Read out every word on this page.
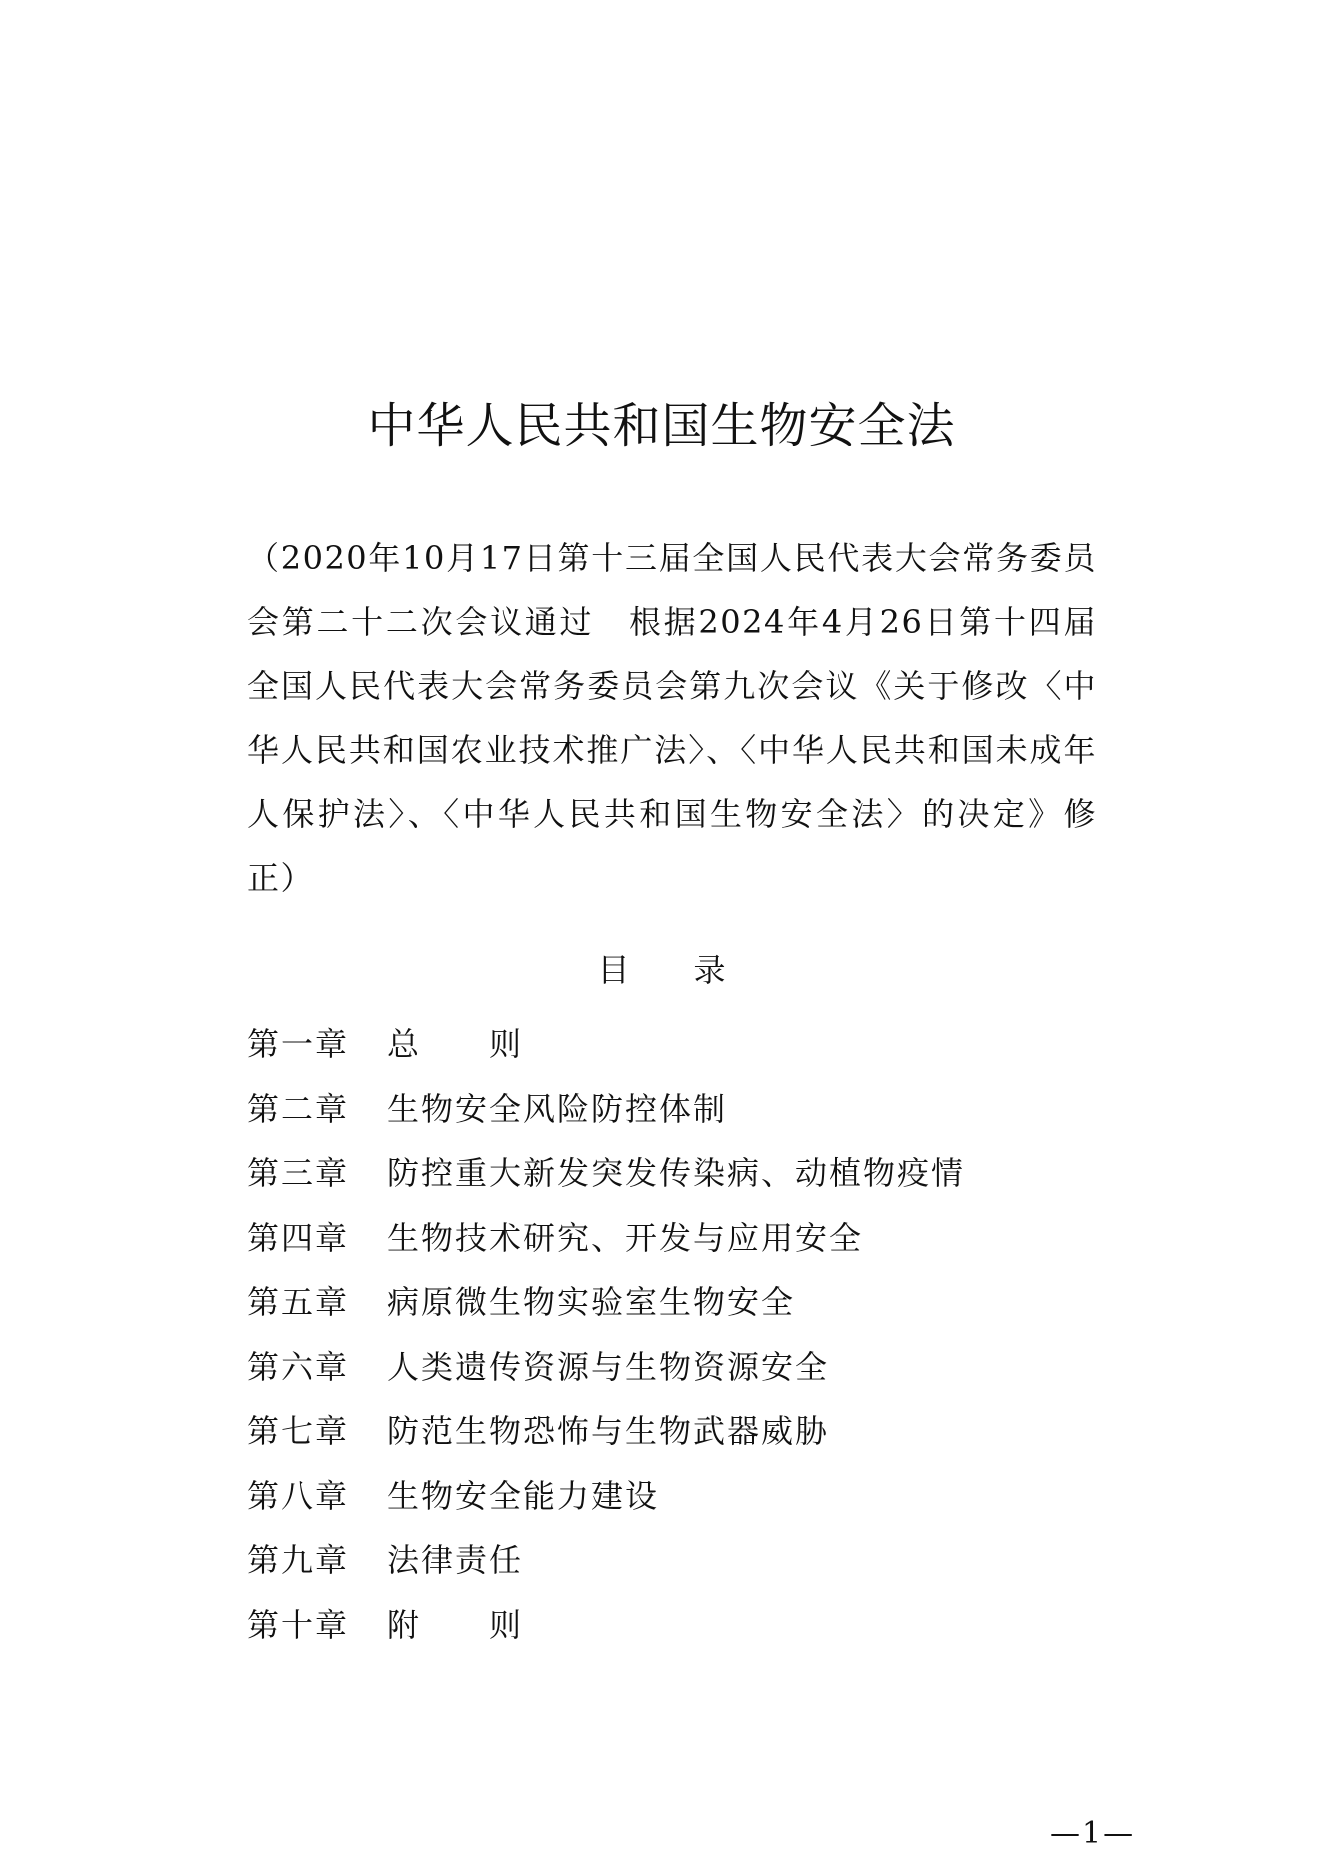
中华人民共和国生物安全法

（2020年10月17日第十三届全国人民代表大会常务委员会第二十二次会议通过　根据2024年4月26日第十四届全国人民代表大会常务委员会第九次会议《关于修改〈中华人民共和国农业技术推广法〉、〈中华人民共和国未成年人保护法〉、〈中华人民共和国生物安全法〉的决定》修正）

目 录
第一章	总　　则
第二章	生物安全风险防控体制
第三章	防控重大新发突发传染病、动植物疫情
第四章	生物技术研究、开发与应用安全
第五章	病原微生物实验室生物安全
第六章	人类遗传资源与生物资源安全
第七章	防范生物恐怖与生物武器威胁
第八章	生物安全能力建设
第九章	法律责任
第十章	附　　则
—1—
